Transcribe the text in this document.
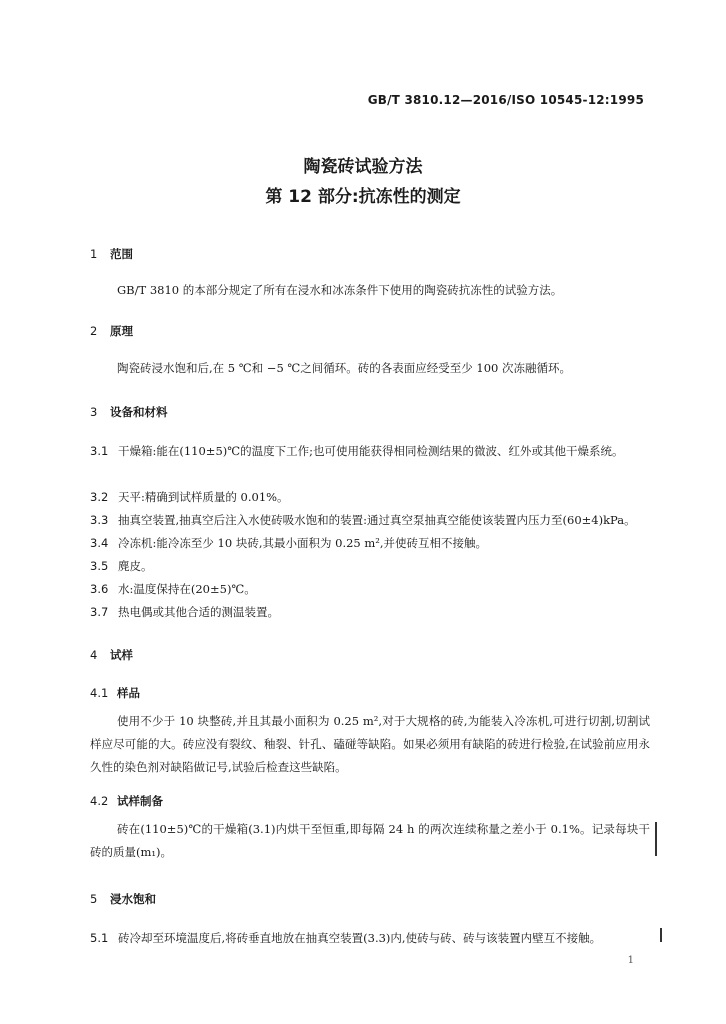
GB/T 3810.12—2016/ISO 10545-12:1995
陶瓷砖试验方法
第 12 部分:抗冻性的测定
1 范围
GB/T 3810 的本部分规定了所有在浸水和冰冻条件下使用的陶瓷砖抗冻性的试验方法。
2 原理
陶瓷砖浸水饱和后,在 5 ℃和 −5 ℃之间循环。砖的各表面应经受至少 100 次冻融循环。
3 设备和材料
3.1 干燥箱:能在(110±5)℃的温度下工作;也可使用能获得相同检测结果的微波、红外或其他干燥系统。
3.2 天平:精确到试样质量的 0.01%。
3.3 抽真空装置,抽真空后注入水使砖吸水饱和的装置:通过真空泵抽真空能使该装置内压力至(60±4)kPa。
3.4 冷冻机:能冷冻至少 10 块砖,其最小面积为 0.25 m²,并使砖互相不接触。
3.5 麂皮。
3.6 水:温度保持在(20±5)℃。
3.7 热电偶或其他合适的测温装置。
4 试样
4.1 样品
使用不少于 10 块整砖,并且其最小面积为 0.25 m²,对于大规格的砖,为能装入冷冻机,可进行切割,切割试样应尽可能的大。砖应没有裂纹、釉裂、针孔、磕碰等缺陷。如果必须用有缺陷的砖进行检验,在试验前应用永久性的染色剂对缺陷做记号,试验后检查这些缺陷。
4.2 试样制备
砖在(110±5)℃的干燥箱(3.1)内烘干至恒重,即每隔 24 h 的两次连续称量之差小于 0.1%。记录每块干砖的质量(m₁)。
5 浸水饱和
5.1 砖冷却至环境温度后,将砖垂直地放在抽真空装置(3.3)内,使砖与砖、砖与该装置内壁互不接触。
1
